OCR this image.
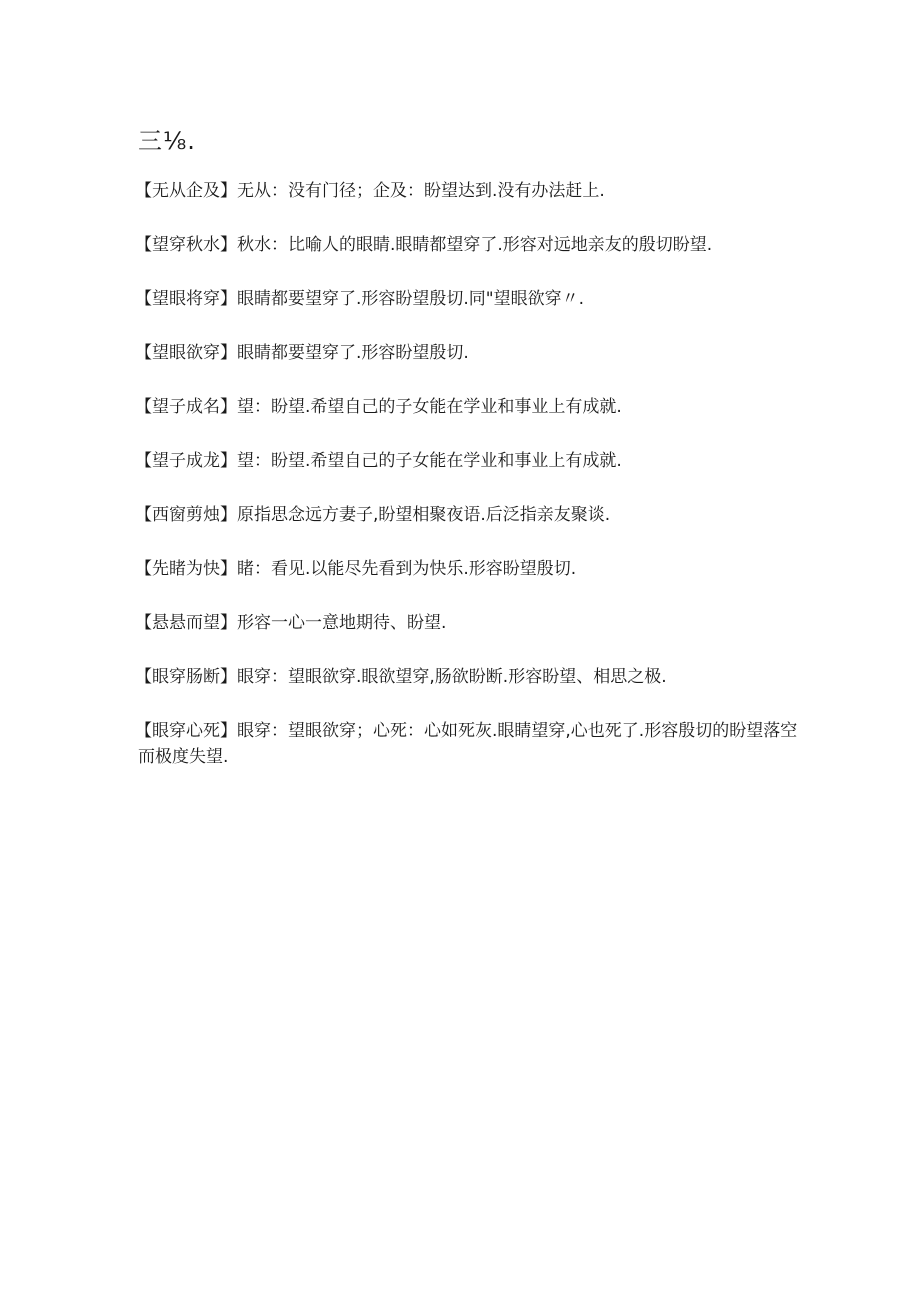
三⅛.
【无从企及】无从：没有门径；企及：盼望达到.没有办法赶上.
【望穿秋水】秋水：比喻人的眼睛.眼睛都望穿了.形容对远地亲友的殷切盼望.
【望眼将穿】眼睛都要望穿了.形容盼望殷切.同"望眼欲穿〃.
【望眼欲穿】眼睛都要望穿了.形容盼望殷切.
【望子成名】望：盼望.希望自己的子女能在学业和事业上有成就.
【望子成龙】望：盼望.希望自己的子女能在学业和事业上有成就.
【西窗剪烛】原指思念远方妻子,盼望相聚夜语.后泛指亲友聚谈.
【先睹为快】睹：看见.以能尽先看到为快乐.形容盼望殷切.
【悬悬而望】形容一心一意地期待、盼望.
【眼穿肠断】眼穿：望眼欲穿.眼欲望穿,肠欲盼断.形容盼望、相思之极.
【眼穿心死】眼穿：望眼欲穿；心死：心如死灰.眼睛望穿,心也死了.形容殷切的盼望落空而极度失望.
